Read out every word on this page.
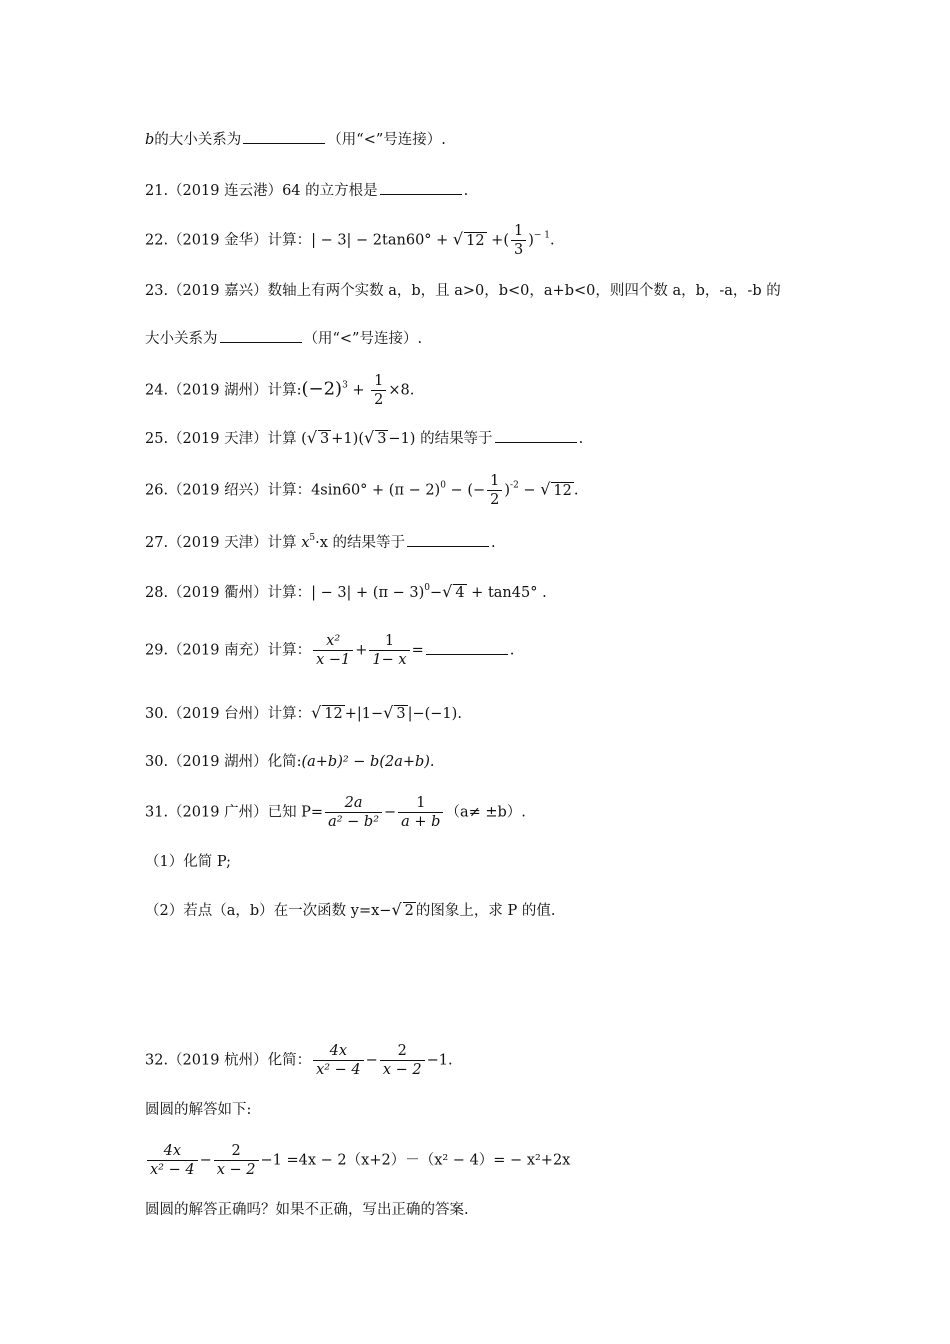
b的大小关系为	（用“<”号连接）.
21.（2019 连云港）64 的立方根是	.
22.（2019 金华）计算：| − 3| − 2tan60° + √ 12 +( $\frac{1}{3} )^{- 1}$.
23.（2019 嘉兴）数轴上有两个实数 a，b，且 a>0，b<0，a+b<0，则四个数 a，b，-a，-b 的
大小关系为	（用“<”号连接）.
24.（2019 湖州）计算$:(-2)^3 + \frac{1}{2} \times 8$.
25.（2019 天津）计算 (√ 3 +1)(√ 3 −1) 的结果等于	.
26.（2019 绍兴）计算：$4\sin 60^\circ + (\pi - 2)^0$ − (− $\frac{1}{2} )^{-2}$ − √ 12 .
27.（2019 天津）计算 $x^5\cdot x$ 的结果等于	.
28.（2019 衢州）计算：| − $3| + (\pi - 3)^0-√$ 4 + tan45° .
29.（2019 南充）计算： $\frac{\text{x²}}{x -1} + \frac{1}{1- x}$ =	.
30.（2019 台州）计算：√ 12 +|1−√ 3 |−(−1).
30.（2019 湖州）化简:(a+b)² − b(2a+b).
31.（2019 广州）已知 $P= \frac{2a}{\text{a² − b²}} - \frac{1}{a + b} (a\ne \pm b)$.
（1）化简 P;
（2）若点（a，b）在一次函数 y=x−√ 2 的图象上，求 P 的值.
32.（2019 杭州）化简： $\frac{4x}{\text{x² − 4}} - \frac{2}{x - 2} -1$.
圆圆的解答如下:
$\frac{4x}{\text{x² − 4}} - \frac{2}{x - 2} -1 =4x - 2(x+2)-(x^2 - 4)= - x^2+2x$
圆圆的解答正确吗？如果不正确，写出正确的答案.
